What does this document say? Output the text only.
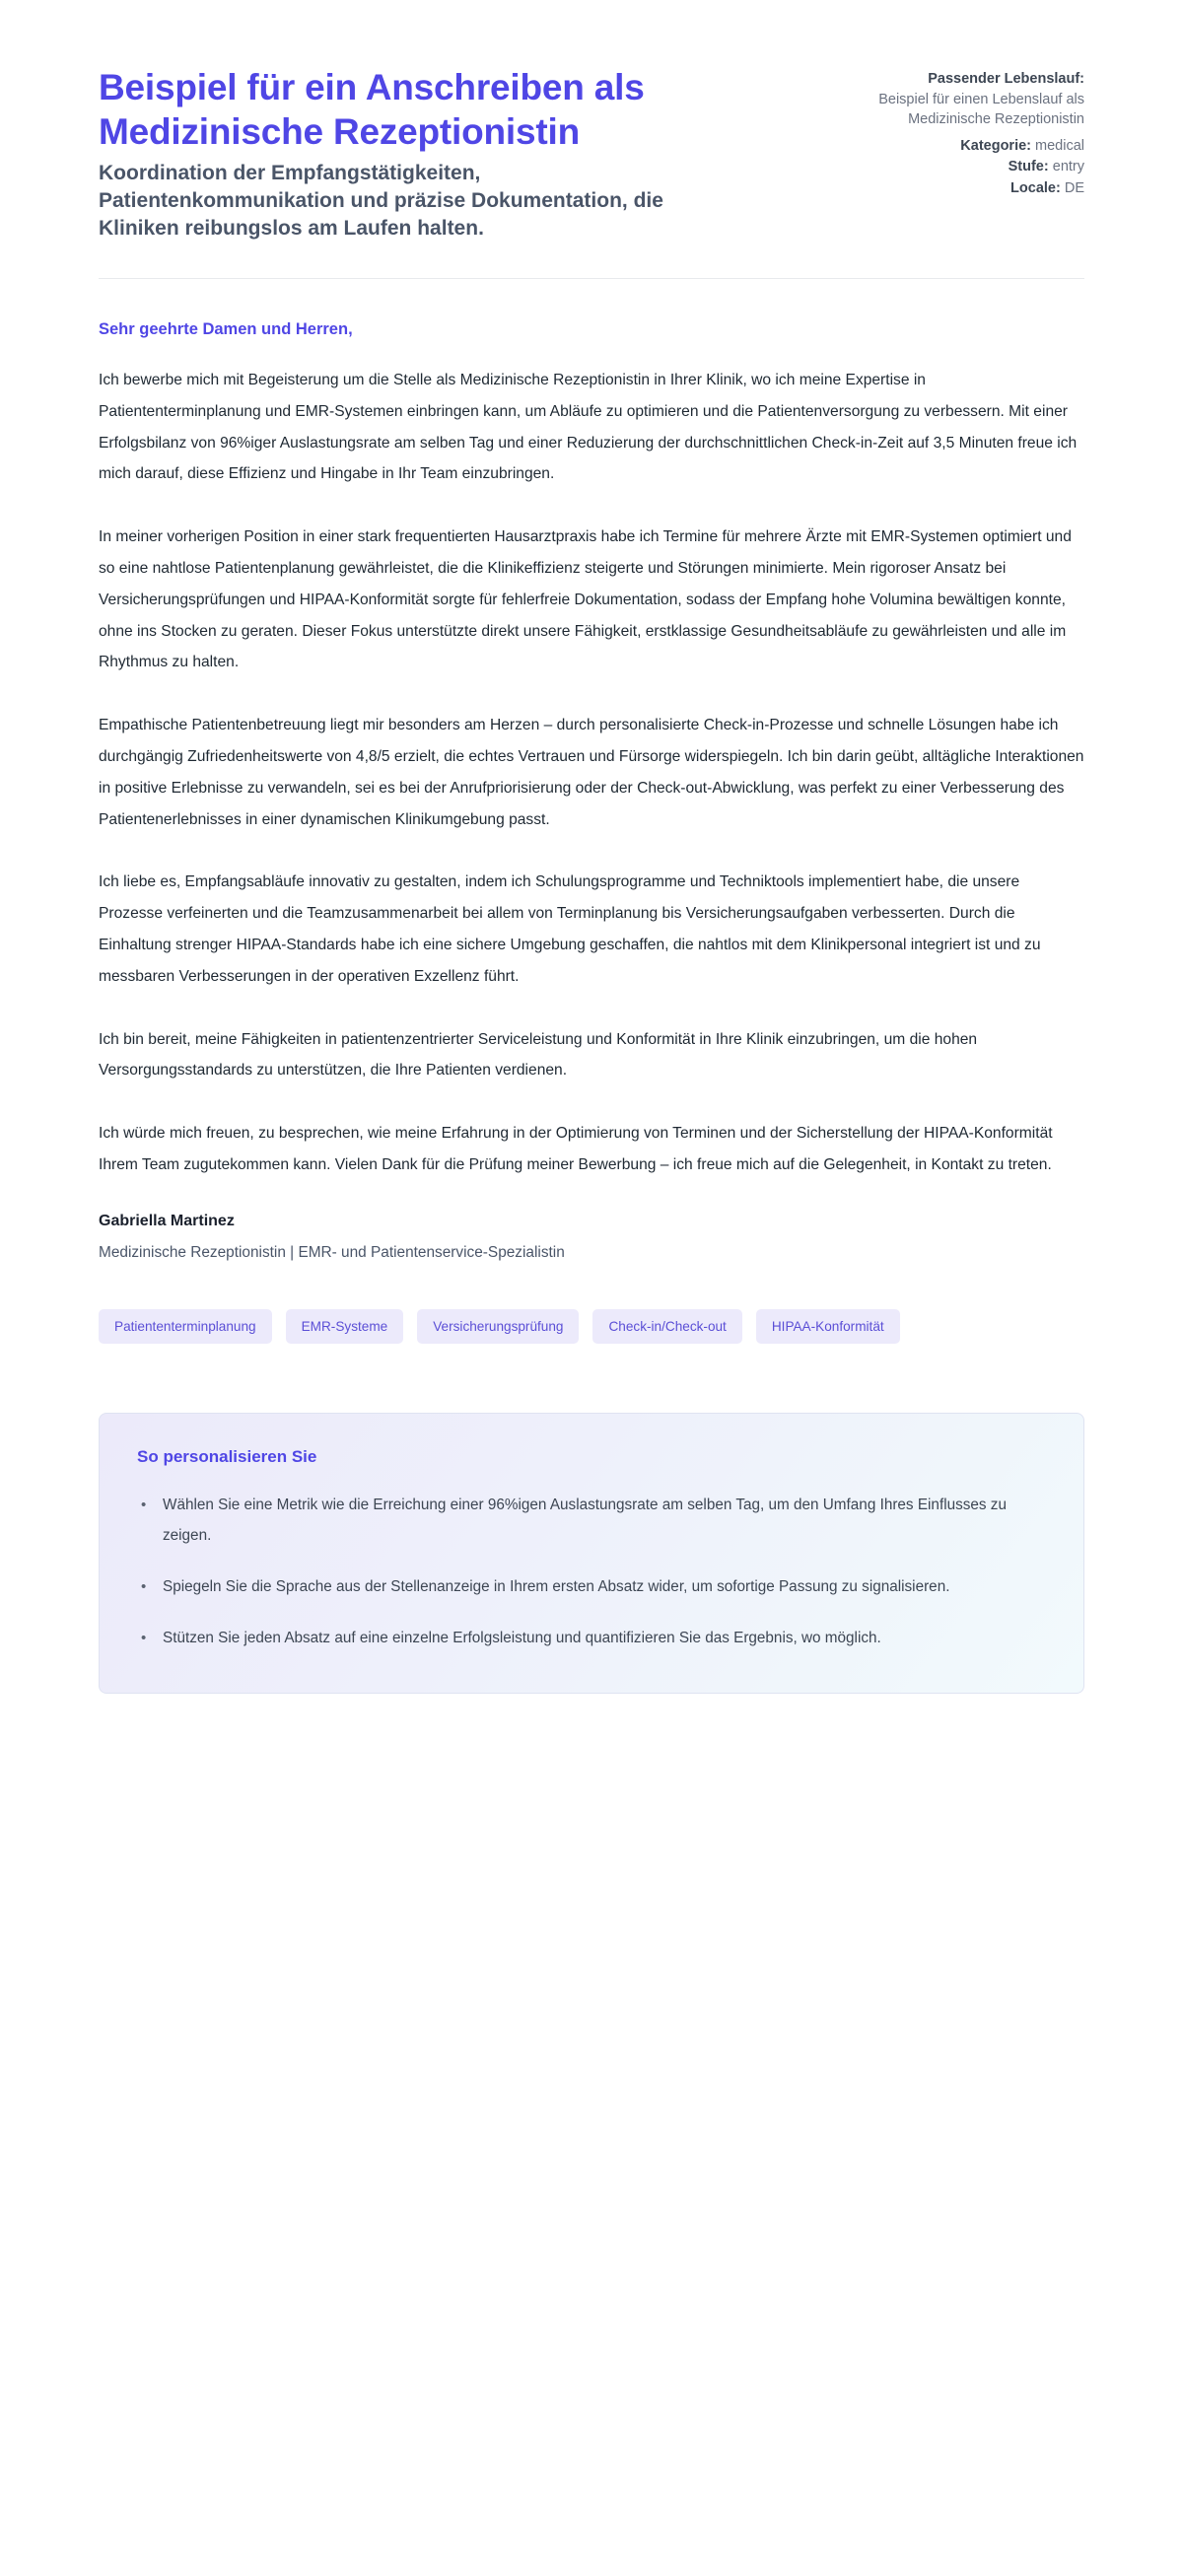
Beispiel für ein Anschreiben als Medizinische Rezeptionistin

Koordination der Empfangstätigkeiten, Patientenkommunikation und präzise Dokumentation, die Kliniken reibungslos am Laufen halten.

Passender Lebenslauf:
Beispiel für einen Lebenslauf als Medizinische Rezeptionistin
Kategorie: medical
Stufe: entry
Locale: DE

Sehr geehrte Damen und Herren,

Ich bewerbe mich mit Begeisterung um die Stelle als Medizinische Rezeptionistin in Ihrer Klinik, wo ich meine Expertise in Patiententerminplanung und EMR-Systemen einbringen kann, um Abläufe zu optimieren und die Patientenversorgung zu verbessern. Mit einer Erfolgsbilanz von 96%iger Auslastungsrate am selben Tag und einer Reduzierung der durchschnittlichen Check-in-Zeit auf 3,5 Minuten freue ich mich darauf, diese Effizienz und Hingabe in Ihr Team einzubringen.

In meiner vorherigen Position in einer stark frequentierten Hausarztpraxis habe ich Termine für mehrere Ärzte mit EMR-Systemen optimiert und so eine nahtlose Patientenplanung gewährleistet, die die Klinikeffizienz steigerte und Störungen minimierte. Mein rigoroser Ansatz bei Versicherungsprüfungen und HIPAA-Konformität sorgte für fehlerfreie Dokumentation, sodass der Empfang hohe Volumina bewältigen konnte, ohne ins Stocken zu geraten. Dieser Fokus unterstützte direkt unsere Fähigkeit, erstklassige Gesundheitsabläufe zu gewährleisten und alle im Rhythmus zu halten.

Empathische Patientenbetreuung liegt mir besonders am Herzen – durch personalisierte Check-in-Prozesse und schnelle Lösungen habe ich durchgängig Zufriedenheitswerte von 4,8/5 erzielt, die echtes Vertrauen und Fürsorge widerspiegeln. Ich bin darin geübt, alltägliche Interaktionen in positive Erlebnisse zu verwandeln, sei es bei der Anrufpriorisierung oder der Check-out-Abwicklung, was perfekt zu einer Verbesserung des Patientenerlebnisses in einer dynamischen Klinikumgebung passt.

Ich liebe es, Empfangsabläufe innovativ zu gestalten, indem ich Schulungsprogramme und Techniktools implementiert habe, die unsere Prozesse verfeinerten und die Teamzusammenarbeit bei allem von Terminplanung bis Versicherungsaufgaben verbesserten. Durch die Einhaltung strenger HIPAA-Standards habe ich eine sichere Umgebung geschaffen, die nahtlos mit dem Klinikpersonal integriert ist und zu messbaren Verbesserungen in der operativen Exzellenz führt.

Ich bin bereit, meine Fähigkeiten in patientenzentrierter Serviceleistung und Konformität in Ihre Klinik einzubringen, um die hohen Versorgungsstandards zu unterstützen, die Ihre Patienten verdienen.

Ich würde mich freuen, zu besprechen, wie meine Erfahrung in der Optimierung von Terminen und der Sicherstellung der HIPAA-Konformität Ihrem Team zugutekommen kann. Vielen Dank für die Prüfung meiner Bewerbung – ich freue mich auf die Gelegenheit, in Kontakt zu treten.

Gabriella Martinez

Medizinische Rezeptionistin | EMR- und Patientenservice-Spezialistin

Patiententerminplanung	EMR-Systeme	Versicherungsprüfung	Check-in/Check-out	HIPAA-Konformität
So personalisieren Sie
• Wählen Sie eine Metrik wie die Erreichung einer 96%igen Auslastungsrate am selben Tag, um den Umfang Ihres Einflusses zu zeigen.
• Spiegeln Sie die Sprache aus der Stellenanzeige in Ihrem ersten Absatz wider, um sofortige Passung zu signalisieren.
• Stützen Sie jeden Absatz auf eine einzelne Erfolgsleistung und quantifizieren Sie das Ergebnis, wo möglich.
